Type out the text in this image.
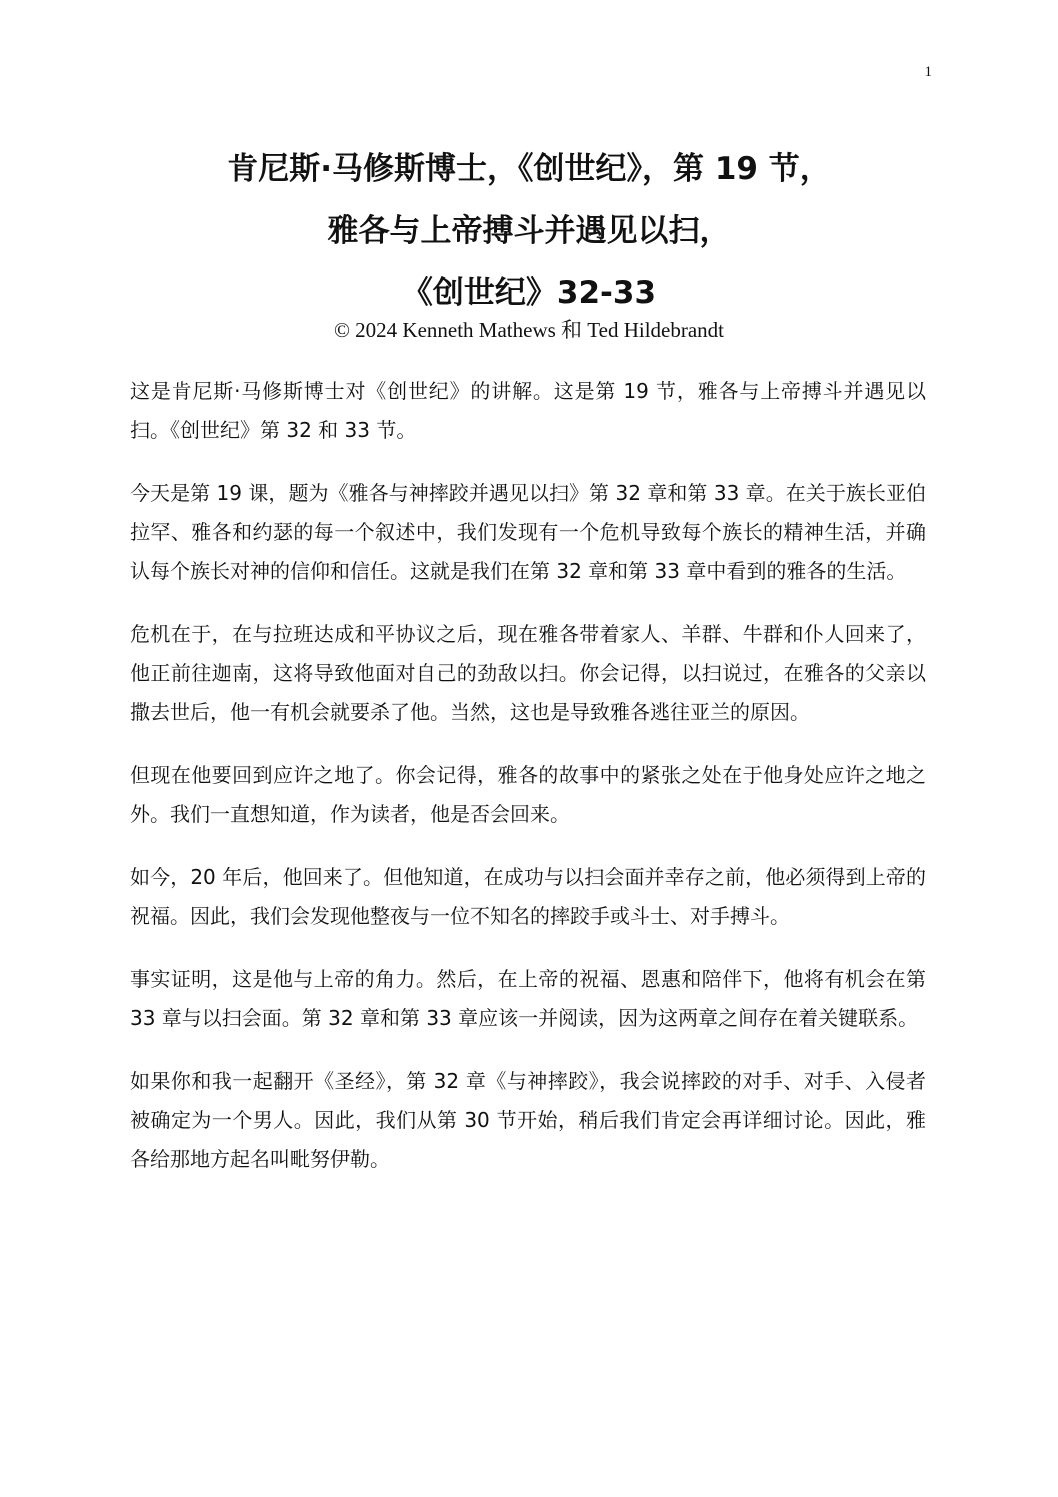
1
肯尼斯·马修斯博士，《创世纪》，第 19 节，
雅各与上帝搏斗并遇见以扫，
《创世纪》32-33
© 2024 Kenneth Mathews 和 Ted Hildebrandt

这是肯尼斯·马修斯博士对《创世纪》的讲解。这是第 19 节，雅各与上帝搏斗并遇见以扫。《创世纪》第 32 和 33 节。

今天是第 19 课，题为《雅各与神摔跤并遇见以扫》第 32 章和第 33 章。在关于族长亚伯拉罕、雅各和约瑟的每一个叙述中，我们发现有一个危机导致每个族长的精神生活，并确认每个族长对神的信仰和信任。这就是我们在第 32 章和第 33 章中看到的雅各的生活。

危机在于，在与拉班达成和平协议之后，现在雅各带着家人、羊群、牛群和仆人回来了，他正前往迦南，这将导致他面对自己的劲敌以扫。你会记得，以扫说过，在雅各的父亲以撒去世后，他一有机会就要杀了他。当然，这也是导致雅各逃往亚兰的原因。

但现在他要回到应许之地了。你会记得，雅各的故事中的紧张之处在于他身处应许之地之外。我们一直想知道，作为读者，他是否会回来。

如今，20 年后，他回来了。但他知道，在成功与以扫会面并幸存之前，他必须得到上帝的祝福。因此，我们会发现他整夜与一位不知名的摔跤手或斗士、对手搏斗。

事实证明，这是他与上帝的角力。然后，在上帝的祝福、恩惠和陪伴下，他将有机会在第 33 章与以扫会面。第 32 章和第 33 章应该一并阅读，因为这两章之间存在着关键联系。

如果你和我一起翻开《圣经》，第 32 章《与神摔跤》，我会说摔跤的对手、对手、入侵者被确定为一个男人。因此，我们从第 30 节开始，稍后我们肯定会再详细讨论。因此，雅各给那地方起名叫毗努伊勒。
